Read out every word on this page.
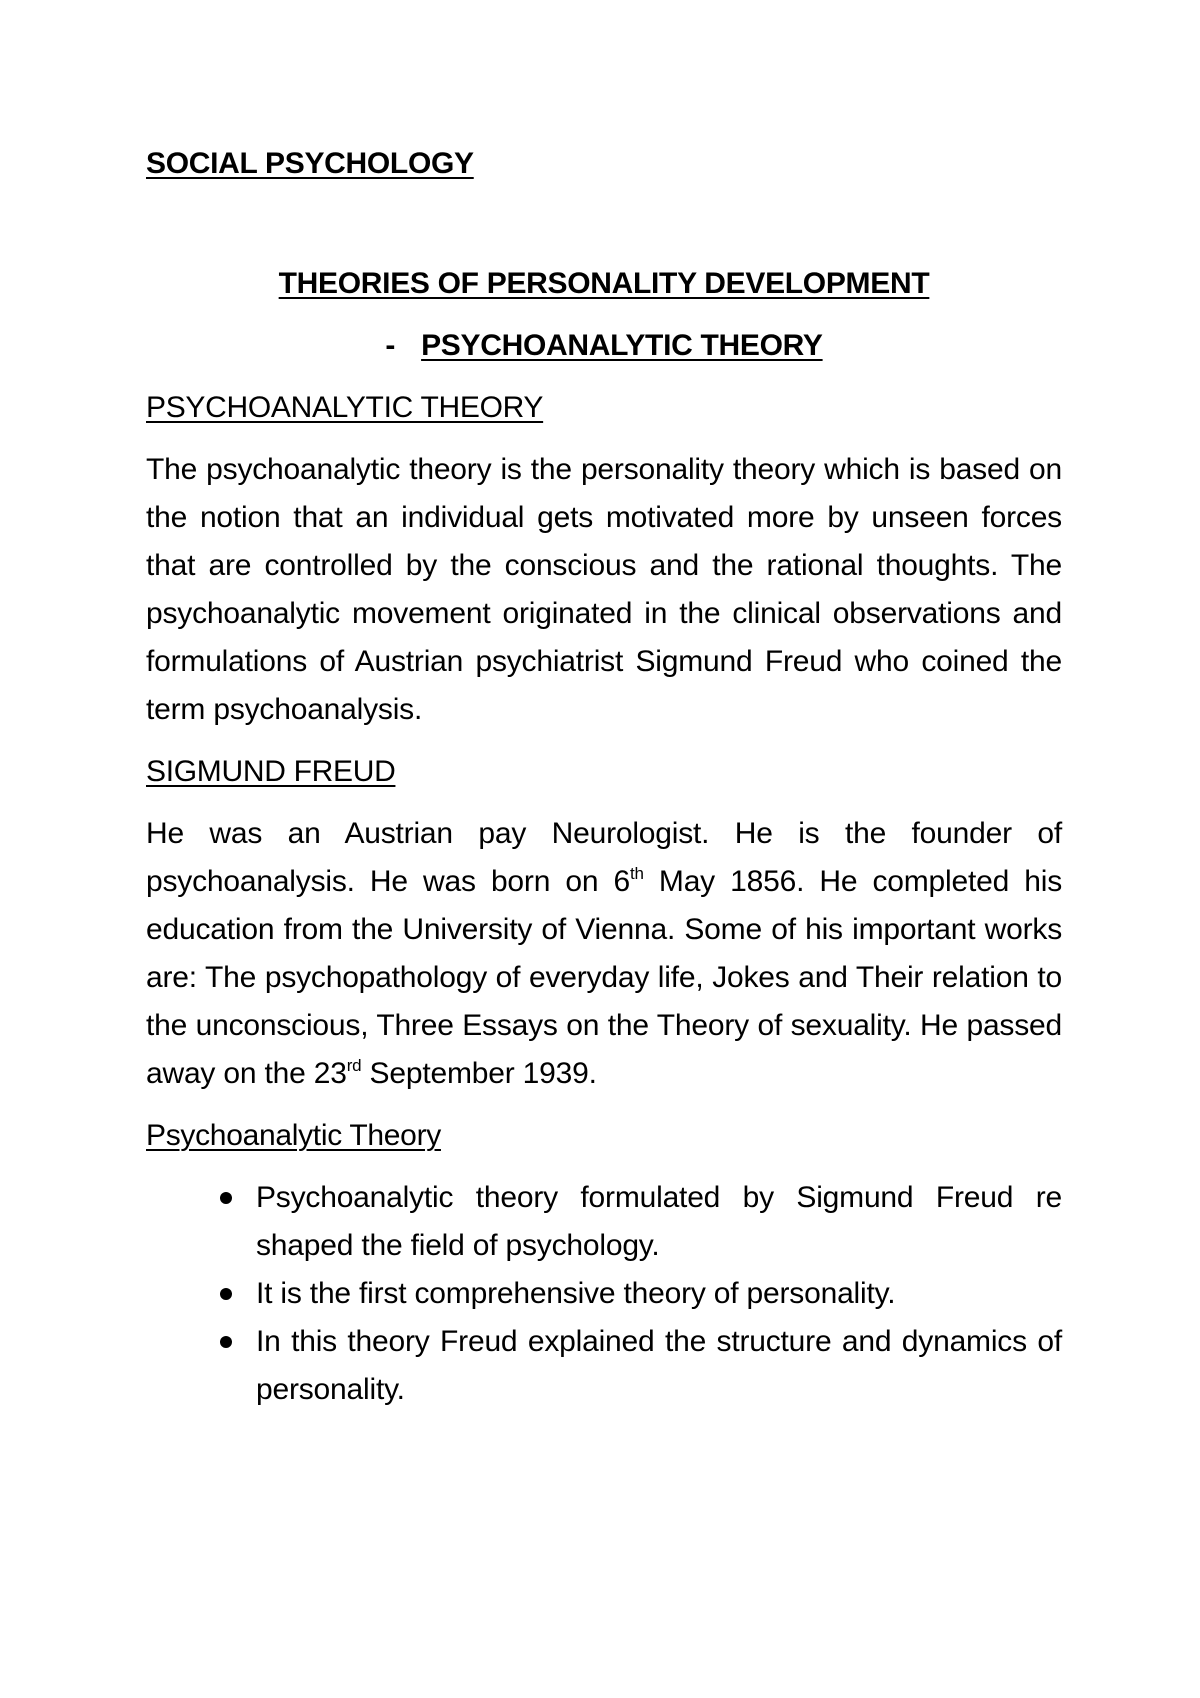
SOCIAL PSYCHOLOGY

THEORIES OF PERSONALITY DEVELOPMENT

- PSYCHOANALYTIC THEORY

PSYCHOANALYTIC THEORY

The psychoanalytic theory is the personality theory which is based on the notion that an individual gets motivated more by unseen forces that are controlled by the conscious and the rational thoughts. The psychoanalytic movement originated in the clinical observations and formulations of Austrian psychiatrist Sigmund Freud who coined the term psychoanalysis.

SIGMUND FREUD

He was an Austrian pay Neurologist. He is the founder of psychoanalysis. He was born on 6th May 1856. He completed his education from the University of Vienna. Some of his important works are: The psychopathology of everyday life, Jokes and Their relation to the unconscious, Three Essays on the Theory of sexuality. He passed away on the 23rd September 1939.

Psychoanalytic Theory

Psychoanalytic theory formulated by Sigmund Freud re shaped the field of psychology.
It is the first comprehensive theory of personality.
In this theory Freud explained the structure and dynamics of personality.
